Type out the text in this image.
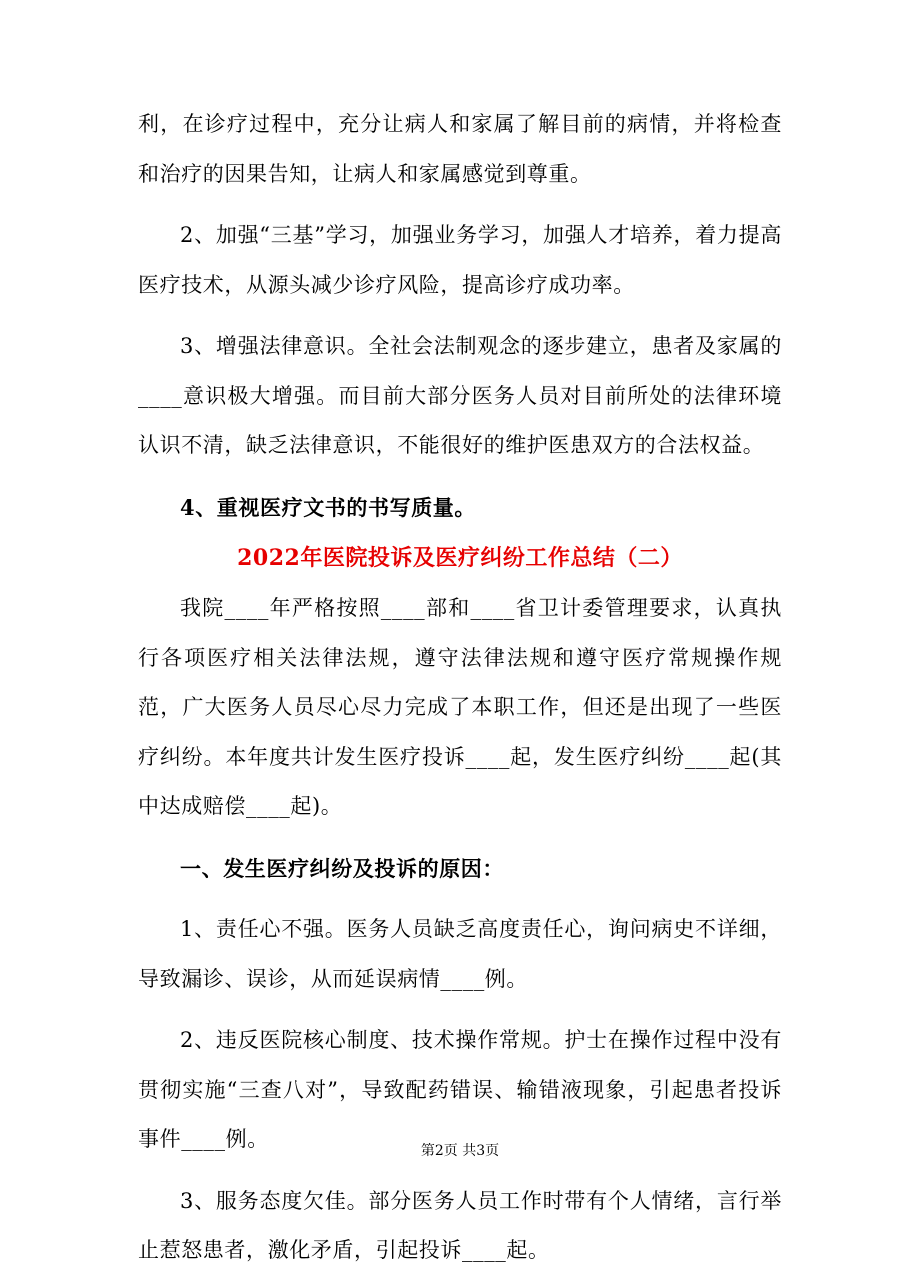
利，在诊疗过程中，充分让病人和家属了解目前的病情，并将检查和治疗的因果告知，让病人和家属感觉到尊重。

2、加强“三基”学习，加强业务学习，加强人才培养，着力提高医疗技术，从源头减少诊疗风险，提高诊疗成功率。

3、增强法律意识。全社会法制观念的逐步建立，患者及家属的____意识极大增强。而目前大部分医务人员对目前所处的法律环境认识不清，缺乏法律意识，不能很好的维护医患双方的合法权益。

4、重视医疗文书的书写质量。

2022年医院投诉及医疗纠纷工作总结（二）

我院____年严格按照____部和____省卫计委管理要求，认真执行各项医疗相关法律法规，遵守法律法规和遵守医疗常规操作规范，广大医务人员尽心尽力完成了本职工作，但还是出现了一些医疗纠纷。本年度共计发生医疗投诉____起，发生医疗纠纷____起(其中达成赔偿____起)。

一、发生医疗纠纷及投诉的原因：

1、责任心不强。医务人员缺乏高度责任心，询问病史不详细，导致漏诊、误诊，从而延误病情____例。

2、违反医院核心制度、技术操作常规。护士在操作过程中没有贯彻实施“三查八对”，导致配药错误、输错液现象，引起患者投诉事件____例。

3、服务态度欠佳。部分医务人员工作时带有个人情绪，言行举止惹怒患者，激化矛盾，引起投诉____起。

第2页 共3页
